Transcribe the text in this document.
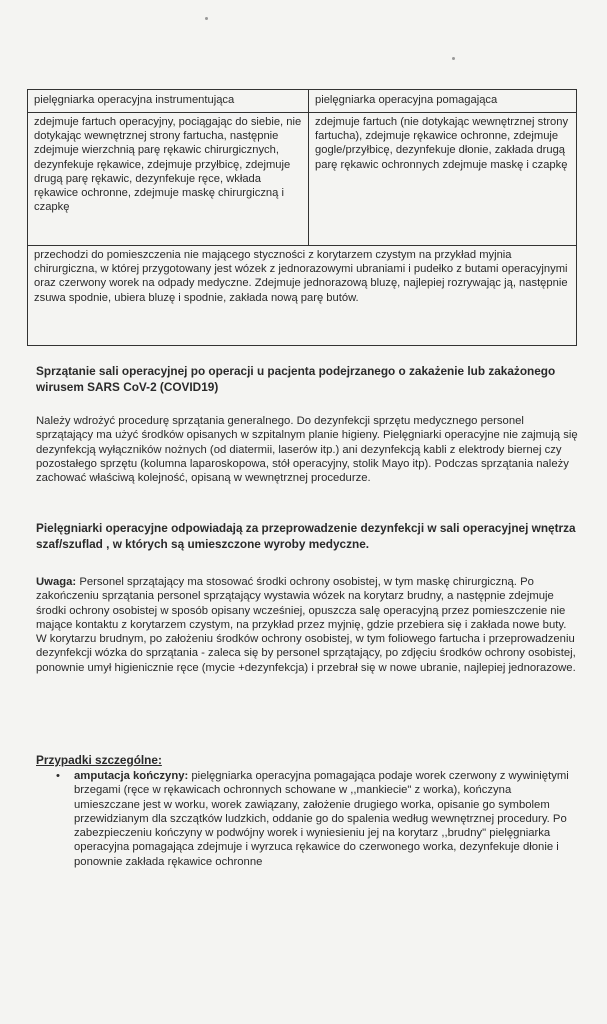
pielęgniarka operacyjna instrumentująca	pielęgniarka operacyjna pomagająca
zdejmuje fartuch operacyjny, pociągając do siebie, nie dotykając wewnętrznej strony fartucha, następnie zdejmuje wierzchnią parę rękawic chirurgicznych, dezynfekuje rękawice, zdejmuje przyłbicę, zdejmuje drugą parę rękawic, dezynfekuje ręce, wkłada rękawice ochronne, zdejmuje maskę chirurgiczną i czapkę	zdejmuje fartuch (nie dotykając wewnętrznej strony fartucha), zdejmuje rękawice ochronne, zdejmuje gogle/przyłbicę, dezynfekuje dłonie, zakłada drugą parę rękawic ochronnych zdejmuje maskę i czapkę
przechodzi do pomieszczenia nie mającego styczności z korytarzem czystym na przykład myjnia chirurgiczna, w której przygotowany jest wózek z jednorazowymi ubraniami i pudełko z butami operacyjnymi oraz czerwony worek na odpady medyczne. Zdejmuje jednorazową bluzę, najlepiej rozrywając ją, następnie zsuwa spodnie, ubiera bluzę i spodnie, zakłada nową parę butów.	
Sprzątanie sali operacyjnej po operacji u pacjenta podejrzanego o zakażenie lub zakażonego wirusem SARS CoV-2 (COVID19)
Należy wdrożyć procedurę sprzątania generalnego. Do dezynfekcji sprzętu medycznego personel sprzątający ma użyć środków opisanych w szpitalnym planie higieny. Pielęgniarki operacyjne nie zajmują się dezynfekcją wyłączników nożnych (od diatermii, laserów itp.) ani dezynfekcją kabli z elektrody biernej czy pozostałego sprzętu (kolumna laparoskopowa, stół operacyjny, stolik Mayo itp). Podczas sprzątania należy zachować właściwą kolejność, opisaną w wewnętrznej procedurze.
Pielęgniarki operacyjne odpowiadają za przeprowadzenie dezynfekcji w sali operacyjnej wnętrza szaf/szuflad , w których są umieszczone wyroby medyczne.
Uwaga: Personel sprzątający ma stosować środki ochrony osobistej, w tym maskę chirurgiczną. Po zakończeniu sprzątania personel sprzątający wystawia wózek na korytarz brudny, a następnie zdejmuje środki ochrony osobistej w sposób opisany wcześniej, opuszcza salę operacyjną przez pomieszczenie nie mające kontaktu z korytarzem czystym, na przykład przez myjnię, gdzie przebiera się i zakłada nowe buty.
W korytarzu brudnym, po założeniu środków ochrony osobistej, w tym foliowego fartucha i przeprowadzeniu dezynfekcji wózka do sprzątania - zaleca się by personel sprzątający, po zdjęciu środków ochrony osobistej, ponownie umył higienicznie ręce (mycie +dezynfekcja) i przebrał się w nowe ubranie, najlepiej jednorazowe.
Przypadki szczególne:
• amputacja kończyny: pielęgniarka operacyjna pomagająca podaje worek czerwony z wywiniętymi brzegami (ręce w rękawicach ochronnych schowane w ,,mankiecie" z worka), kończyna umieszczane jest w worku, worek zawiązany, założenie drugiego worka, opisanie go symbolem przewidzianym dla szczątków ludzkich, oddanie go do spalenia według wewnętrznej procedury. Po zabezpieczeniu kończyny w podwójny worek i wyniesieniu jej na korytarz ,,brudny" pielęgniarka operacyjna pomagająca zdejmuje i wyrzuca rękawice do czerwonego worka, dezynfekuje dłonie i ponownie zakłada rękawice ochronne
